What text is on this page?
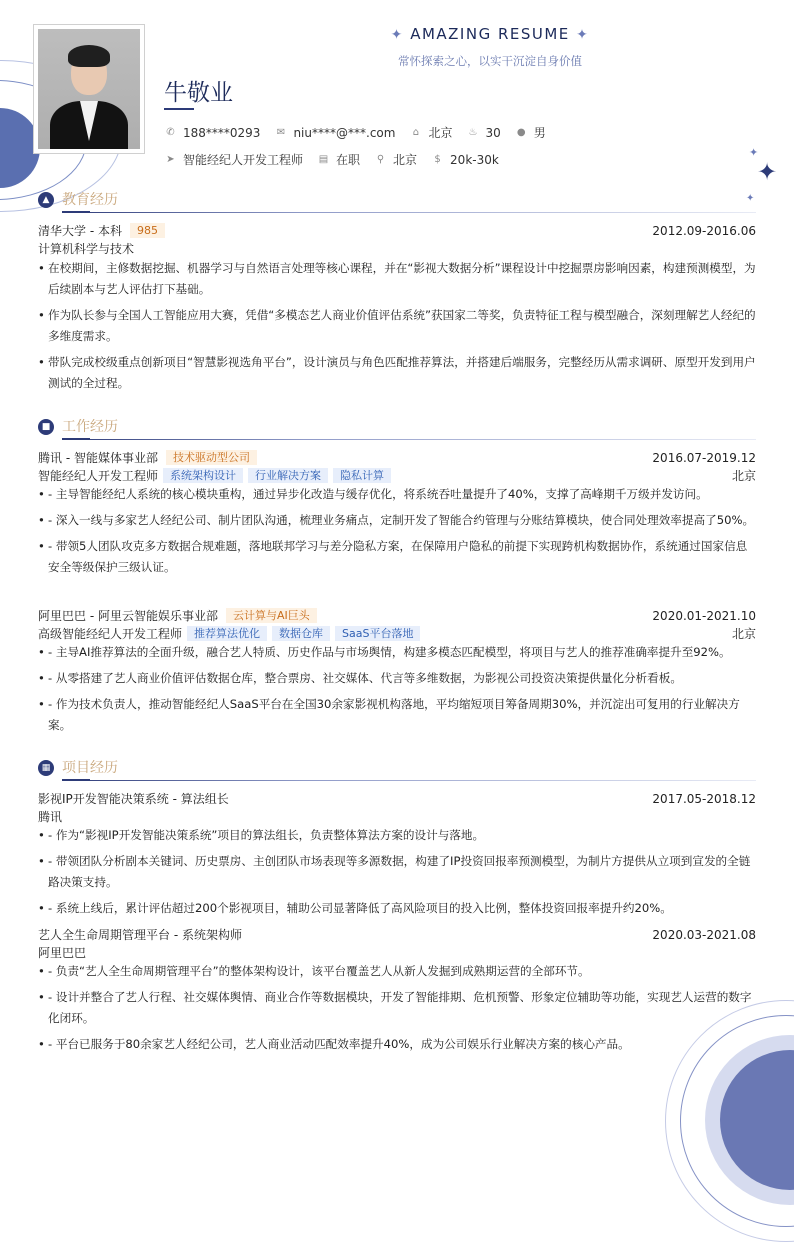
✦
✦
✦
✦ AMAZING RESUME ✦
常怀探索之心，以实干沉淀自身价值
牛敬业
✆ 188****0293 ✉ niu****@***.com	⌂ 北京 ♨ 30 ● 男
➤ 智能经纪人开发工程师 ▤ 在职 ⚲ 北京	$ 20k-30k
▲ 教育经历
清华大学 - 本科	985	2012.09-2016.06
计算机科学与技术
• 在校期间，主修数据挖掘、机器学习与自然语言处理等核心课程，并在“影视大数据分析”课程设计中挖掘票房影响因素，构建预测模型，为后续剧本与艺人评估打下基础。
• 作为队长参与全国人工智能应用大赛，凭借“多模态艺人商业价值评估系统”获国家二等奖，负责特征工程与模型融合，深刻理解艺人经纪的多维度需求。
• 带队完成校级重点创新项目“智慧影视选角平台”，设计演员与角色匹配推荐算法，并搭建后端服务，完整经历从需求调研、原型开发到用户测试的全过程。
■ 工作经历
腾讯 - 智能媒体事业部	技术驱动型公司	2016.07-2019.12
智能经纪人开发工程师	系统架构设计	行业解决方案	隐私计算	北京
• - 主导智能经纪人系统的核心模块重构，通过异步化改造与缓存优化，将系统吞吐量提升了40%，支撑了高峰期千万级并发访问。
• - 深入一线与多家艺人经纪公司、制片团队沟通，梳理业务痛点，定制开发了智能合约管理与分账结算模块，使合同处理效率提高了50%。
• - 带领5人团队攻克多方数据合规难题，落地联邦学习与差分隐私方案，在保障用户隐私的前提下实现跨机构数据协作，系统通过国家信息安全等级保护三级认证。
阿里巴巴 - 阿里云智能娱乐事业部	云计算与AI巨头	2020.01-2021.10
高级智能经纪人开发工程师	推荐算法优化	数据仓库	SaaS平台落地	北京
• - 主导AI推荐算法的全面升级，融合艺人特质、历史作品与市场舆情，构建多模态匹配模型，将项目与艺人的推荐准确率提升至92%。
• - 从零搭建了艺人商业价值评估数据仓库，整合票房、社交媒体、代言等多维数据，为影视公司投资决策提供量化分析看板。
• - 作为技术负责人，推动智能经纪人SaaS平台在全国30余家影视机构落地，平均缩短项目筹备周期30%，并沉淀出可复用的行业解决方案。
▦ 项目经历
影视IP开发智能决策系统 - 算法组长	2017.05-2018.12
腾讯
• - 作为“影视IP开发智能决策系统”项目的算法组长，负责整体算法方案的设计与落地。
• - 带领团队分析剧本关键词、历史票房、主创团队市场表现等多源数据，构建了IP投资回报率预测模型，为制片方提供从立项到宣发的全链路决策支持。
• - 系统上线后，累计评估超过200个影视项目，辅助公司显著降低了高风险项目的投入比例，整体投资回报率提升约20%。
艺人全生命周期管理平台 - 系统架构师	2020.03-2021.08
阿里巴巴
• - 负责“艺人全生命周期管理平台”的整体架构设计，该平台覆盖艺人从新人发掘到成熟期运营的全部环节。
• - 设计并整合了艺人行程、社交媒体舆情、商业合作等数据模块，开发了智能排期、危机预警、形象定位辅助等功能，实现艺人运营的数字化闭环。
• - 平台已服务于80余家艺人经纪公司，艺人商业活动匹配效率提升40%，成为公司娱乐行业解决方案的核心产品。
